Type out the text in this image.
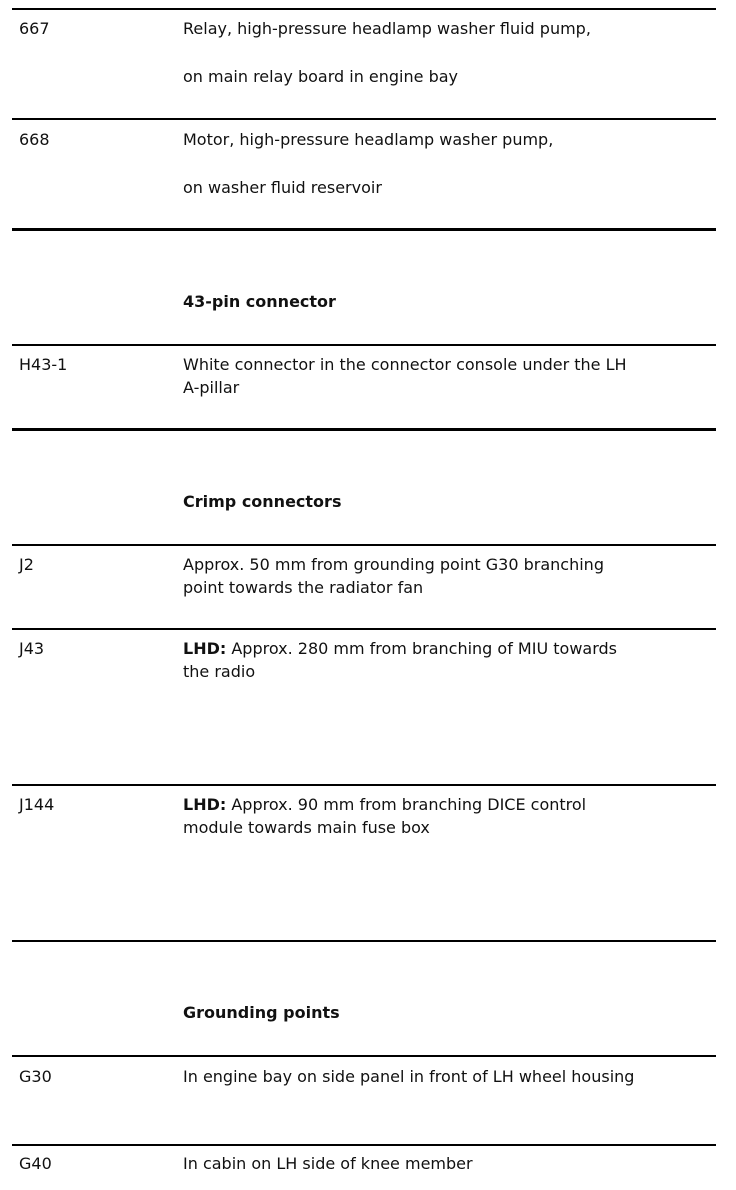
667	Relay, high-pressure headlamp washer fluid pump,
on main relay board in engine bay
668	Motor, high-pressure headlamp washer pump,
on washer fluid reservoir
43-pin connector
H43-1	White connector in the connector console under the LH
A-pillar
Crimp connectors
J2	Approx. 50 mm from grounding point G30 branching
point towards the radiator fan
J43	LHD: Approx. 280 mm from branching of MIU towards
the radio
J144	LHD: Approx. 90 mm from branching DICE control
module towards main fuse box
Grounding points
G30	In engine bay on side panel in front of LH wheel housing
G40	In cabin on LH side of knee member
